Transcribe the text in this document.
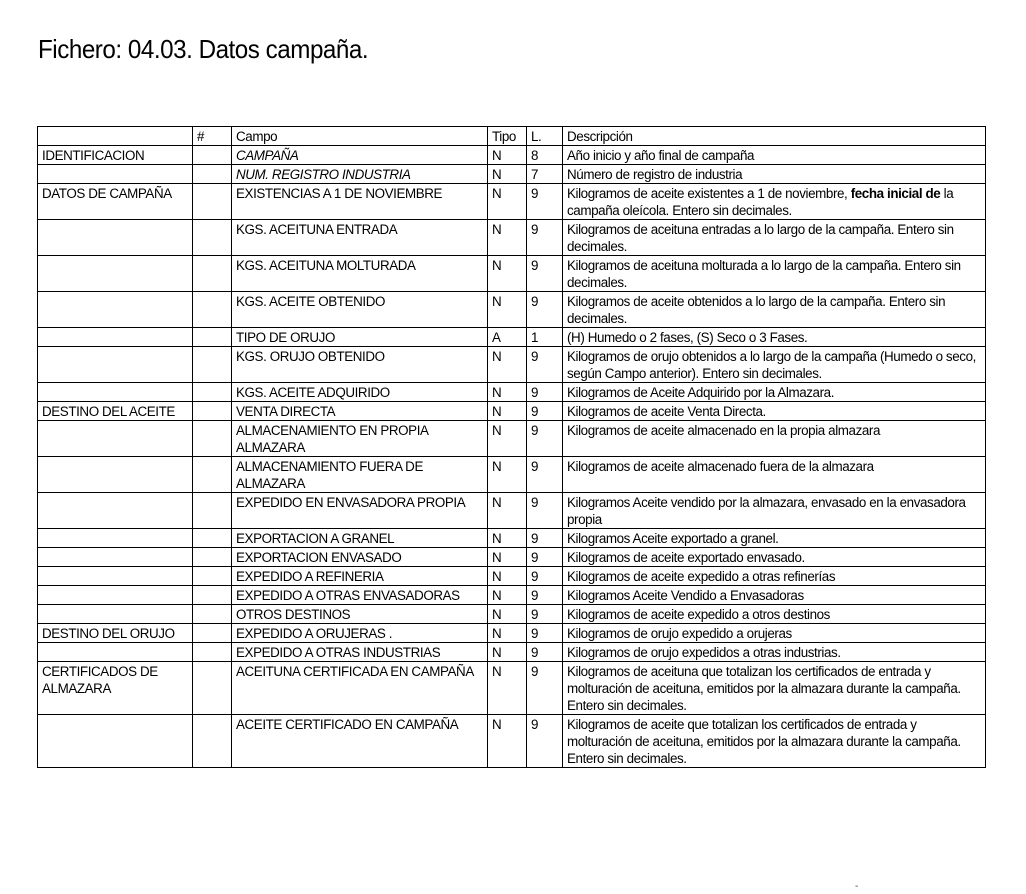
Fichero: 04.03. Datos campaña.
	#	Campo	Tipo	L.	Descripción
IDENTIFICACION		CAMPAÑA	N	8	Año inicio y año final de campaña
		NUM. REGISTRO INDUSTRIA	N	7	Número de registro de industria
DATOS DE CAMPAÑA		EXISTENCIAS A 1 DE NOVIEMBRE	N	9	Kilogramos de aceite existentes a 1 de noviembre, fecha inicial de la campaña oleícola. Entero sin decimales.
		KGS. ACEITUNA ENTRADA	N	9	Kilogramos de aceituna entradas a lo largo de la campaña. Entero sin decimales.
		KGS. ACEITUNA MOLTURADA	N	9	Kilogramos de aceituna molturada a lo largo de la campaña. Entero sin decimales.
		KGS. ACEITE OBTENIDO	N	9	Kilogramos de aceite obtenidos a lo largo de la campaña. Entero sin decimales.
		TIPO DE ORUJO	A	1	(H) Humedo o 2 fases, (S) Seco o 3 Fases.
		KGS. ORUJO OBTENIDO	N	9	Kilogramos de orujo obtenidos a lo largo de la campaña (Humedo o seco, según Campo anterior). Entero sin decimales.
		KGS. ACEITE ADQUIRIDO	N	9	Kilogramos de Aceite Adquirido por la Almazara.
DESTINO DEL ACEITE		VENTA DIRECTA	N	9	Kilogramos de aceite Venta Directa.
		ALMACENAMIENTO EN PROPIA ALMAZARA	N	9	Kilogramos de aceite almacenado en la propia almazara
		ALMACENAMIENTO FUERA DE ALMAZARA	N	9	Kilogramos de aceite almacenado fuera de la almazara
		EXPEDIDO EN ENVASADORA PROPIA	N	9	Kilogramos Aceite vendido por la almazara, envasado en la envasadora propia
		EXPORTACION A GRANEL	N	9	Kilogramos Aceite exportado a granel.
		EXPORTACION ENVASADO	N	9	Kilogramos de aceite exportado envasado.
		EXPEDIDO A REFINERIA	N	9	Kilogramos de aceite expedido a otras refinerías
		EXPEDIDO A OTRAS ENVASADORAS	N	9	Kilogramos Aceite Vendido a Envasadoras
		OTROS DESTINOS	N	9	Kilogramos de aceite expedido a otros destinos
DESTINO DEL ORUJO		EXPEDIDO A ORUJERAS .	N	9	Kilogramos de orujo expedido a orujeras
		EXPEDIDO A OTRAS INDUSTRIAS	N	9	Kilogramos de orujo expedidos a otras industrias.
CERTIFICADOS DE ALMAZARA		ACEITUNA CERTIFICADA EN CAMPAÑA	N	9	Kilogramos de aceituna que totalizan los certificados de entrada y molturación de aceituna, emitidos por la almazara durante la campaña. Entero sin decimales.
		ACEITE CERTIFICADO EN CAMPAÑA	N	9	Kilogramos de aceite que totalizan los certificados de entrada y molturación de aceituna, emitidos por la almazara durante la campaña. Entero sin decimales.
-
